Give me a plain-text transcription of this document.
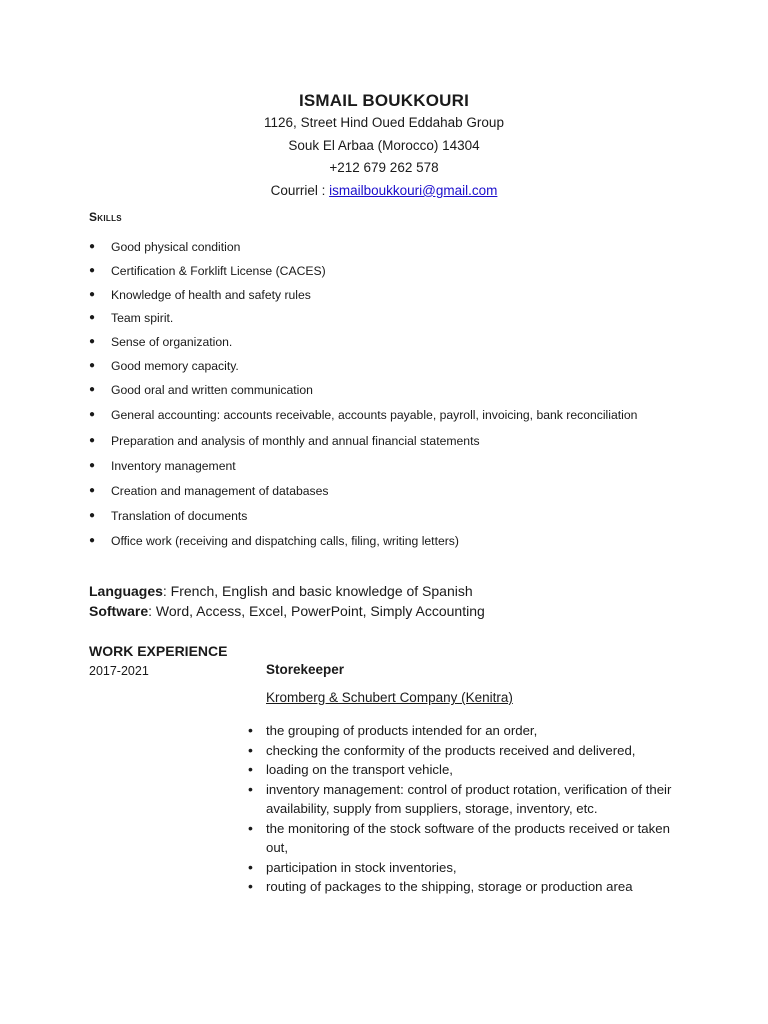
ISMAIL BOUKKOURI

1126, Street Hind Oued Eddahab Group

Souk El Arbaa (Morocco) 14304

+212 679 262 578

Courriel : ismailboukkouri@gmail.com

Skills
● Good physical condition
● Certification & Forklift License (CACES)
● Knowledge of health and safety rules
● Team spirit.
● Sense of organization.
● Good memory capacity.
● Good oral and written communication
● General accounting: accounts receivable, accounts payable, payroll, invoicing, bank reconciliation
● Preparation and analysis of monthly and annual financial statements
● Inventory management
● Creation and management of databases
● Translation of documents
● Office work (receiving and dispatching calls, filing, writing letters)
Languages: French, English and basic knowledge of Spanish
Software: Word, Access, Excel, PowerPoint, Simply Accounting
WORK EXPERIENCE
2017-2021	Storekeeper
Kromberg & Schubert Company (Kenitra)
• the grouping of products intended for an order,
• checking the conformity of the products received and delivered,
• loading on the transport vehicle,
• inventory management: control of product rotation, verification of their availability, supply from suppliers, storage, inventory, etc.
• the monitoring of the stock software of the products received or taken out,
• participation in stock inventories,
• routing of packages to the shipping, storage or production area
